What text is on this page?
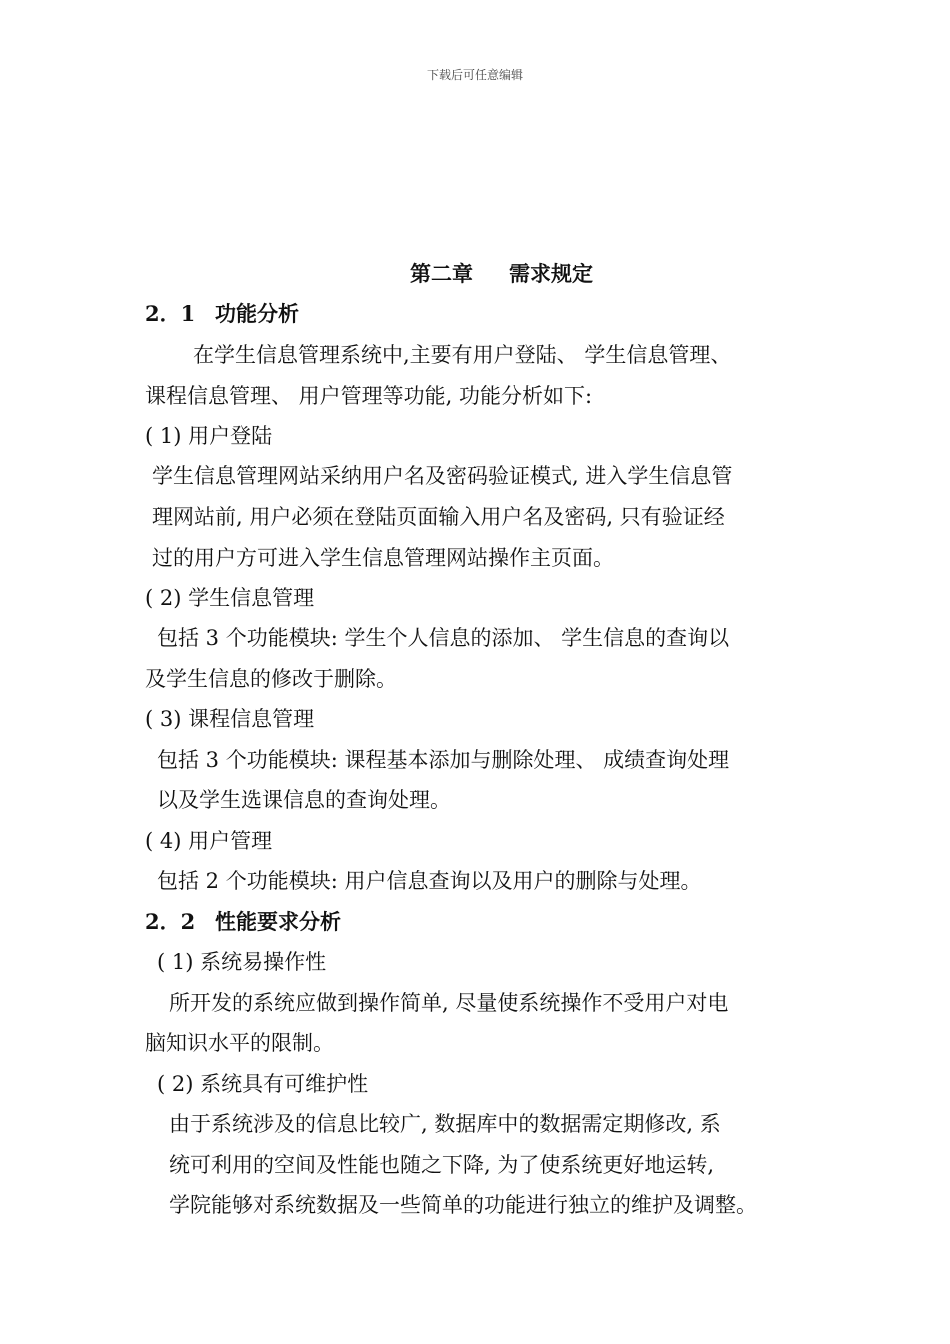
下载后可任意编辑
第二章 需求规定
2．1 功能分析
在学生信息管理系统中,主要有用户登陆、 学生信息管理、
课程信息管理、 用户管理等功能, 功能分析如下:
( 1) 用户登陆
学生信息管理网站采纳用户名及密码验证模式, 进入学生信息管
理网站前, 用户必须在登陆页面输入用户名及密码, 只有验证经
过的用户方可进入学生信息管理网站操作主页面。
( 2) 学生信息管理
包括 3 个功能模块: 学生个人信息的添加、 学生信息的查询以
及学生信息的修改于删除。
( 3) 课程信息管理
包括 3 个功能模块: 课程基本添加与删除处理、 成绩查询处理
以及学生选课信息的查询处理。
( 4) 用户管理
包括 2 个功能模块: 用户信息查询以及用户的删除与处理。
2．2 性能要求分析
( 1) 系统易操作性
所开发的系统应做到操作简单, 尽量使系统操作不受用户对电
脑知识水平的限制。
( 2) 系统具有可维护性
由于系统涉及的信息比较广, 数据库中的数据需定期修改, 系
统可利用的空间及性能也随之下降, 为了使系统更好地运转,
学院能够对系统数据及一些简单的功能进行独立的维护及调整。
